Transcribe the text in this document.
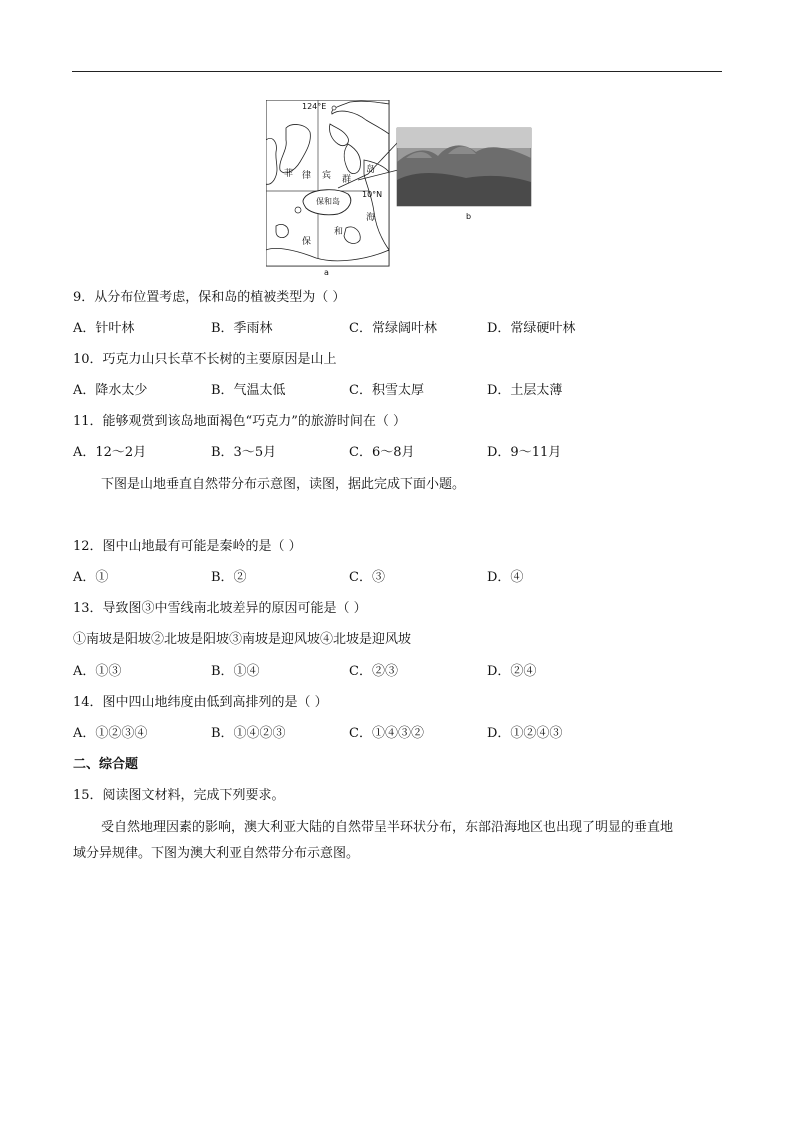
124°E
10°N
菲 律 宾 群
岛
保和岛
海
和
保
a
b
9．从分布位置考虑，保和岛的植被类型为（ ）
A．针叶林	B．季雨林	C．常绿阔叶林	D．常绿硬叶林
10．巧克力山只长草不长树的主要原因是山上
A．降水太少	B．气温太低	C．积雪太厚	D．土层太薄
11．能够观赏到该岛地面褐色“巧克力”的旅游时间在（ ）
A．12～2月	B．3～5月	C．6～8月	D．9～11月
下图是山地垂直自然带分布示意图，读图，据此完成下面小题。
12．图中山地最有可能是秦岭的是（ ）
A．①	B．②	C．③	D．④
13．导致图③中雪线南北坡差异的原因可能是（ ）
①南坡是阳坡②北坡是阳坡③南坡是迎风坡④北坡是迎风坡
A．①③	B．①④	C．②③	D．②④
14．图中四山地纬度由低到高排列的是（ ）
A．①②③④	B．①④②③	C．①④③②	D．①②④③
二、综合题
15．阅读图文材料，完成下列要求。
受自然地理因素的影响，澳大利亚大陆的自然带呈半环状分布，东部沿海地区也出现了明显的垂直地
域分异规律。下图为澳大利亚自然带分布示意图。
